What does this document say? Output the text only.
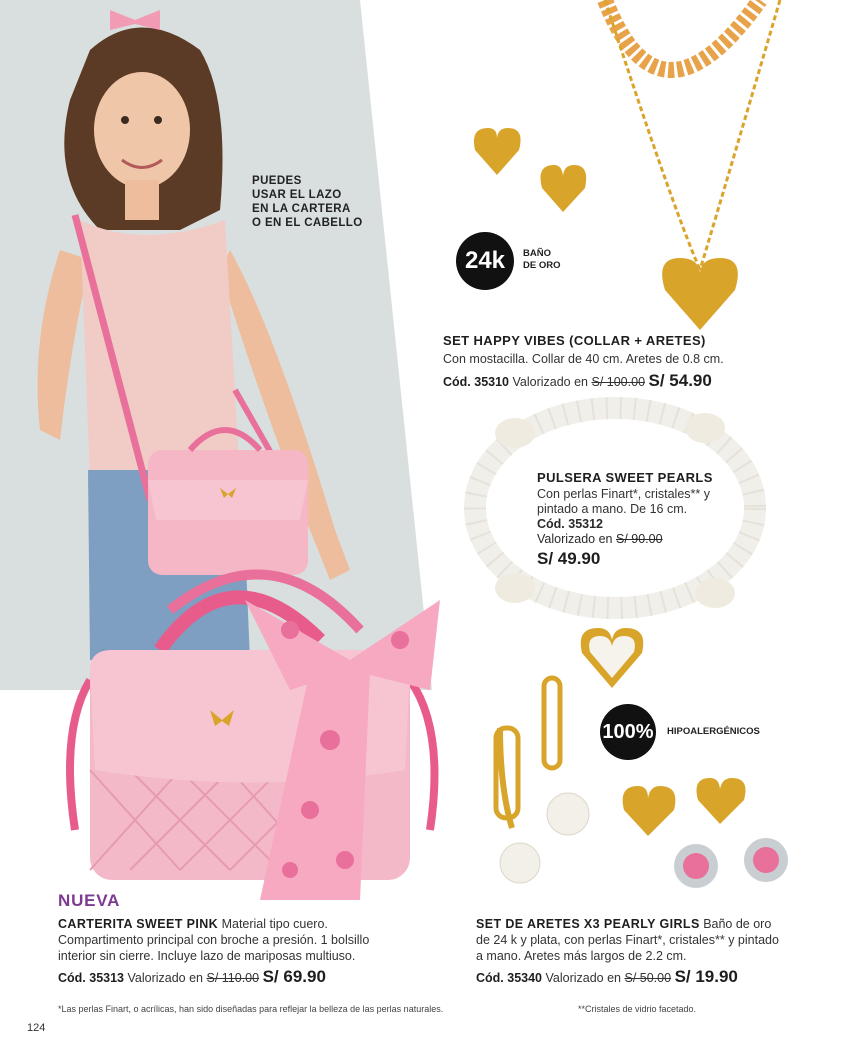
PUEDES
USAR EL LAZO
EN LA CARTERA
O EN EL CABELLO
24k	BAÑO
DE ORO
SET HAPPY VIBES (COLLAR + ARETES)
Con mostacilla. Collar de 40 cm. Aretes de 0.8 cm.
Cód. 35310 Valorizado en S/ 100.00 S/ 54.90
PULSERA SWEET PEARLS
Con perlas Finart*, cristales** y pintado a mano. De 16 cm.
Cód. 35312
Valorizado en S/ 90.00
S/ 49.90
100% HIPOALERGÉNICOS
NUEVA
CARTERITA SWEET PINK Material tipo cuero. Compartimento principal con broche a presión. 1 bolsillo interior sin cierre. Incluye lazo de mariposas multiuso.
Cód. 35313 Valorizado en S/ 110.00 S/ 69.90
SET DE ARETES X3 PEARLY GIRLS Baño de oro de 24 k y plata, con perlas Finart*, cristales** y pintado a mano. Aretes más largos de 2.2 cm.
Cód. 35340 Valorizado en S/ 50.00 S/ 19.90
*Las perlas Finart, o acrílicas, han sido diseñadas para reflejar la belleza de las perlas naturales.	**Cristales de vidrio facetado.
124
